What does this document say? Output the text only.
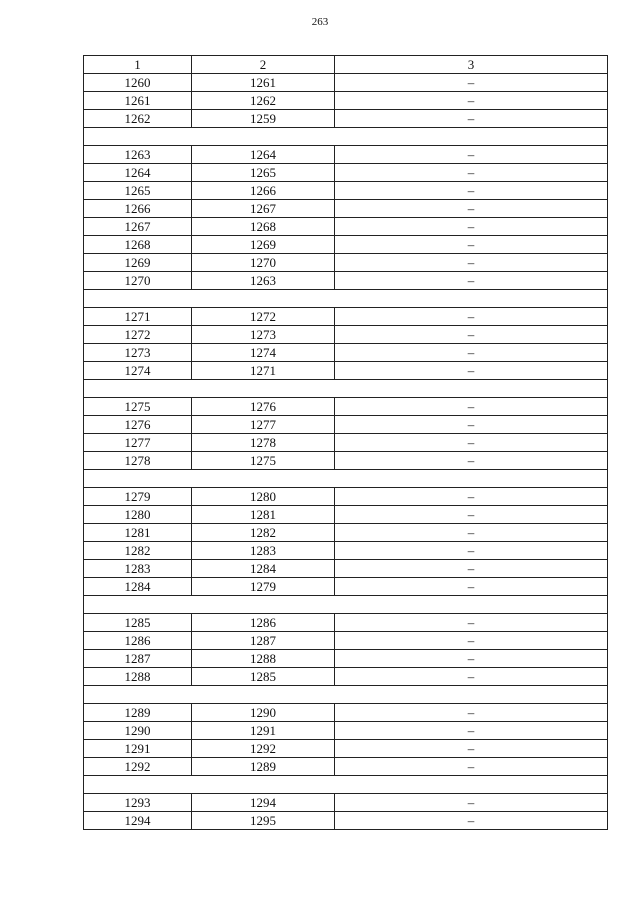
263
1	2	3
1260	1261	–
1261	1262	–
1262	1259	–

1263	1264	–
1264	1265	–
1265	1266	–
1266	1267	–
1267	1268	–
1268	1269	–
1269	1270	–
1270	1263	–

1271	1272	–
1272	1273	–
1273	1274	–
1274	1271	–

1275	1276	–
1276	1277	–
1277	1278	–
1278	1275	–

1279	1280	–
1280	1281	–
1281	1282	–
1282	1283	–
1283	1284	–
1284	1279	–

1285	1286	–
1286	1287	–
1287	1288	–
1288	1285	–

1289	1290	–
1290	1291	–
1291	1292	–
1292	1289	–

1293	1294	–
1294	1295	–
